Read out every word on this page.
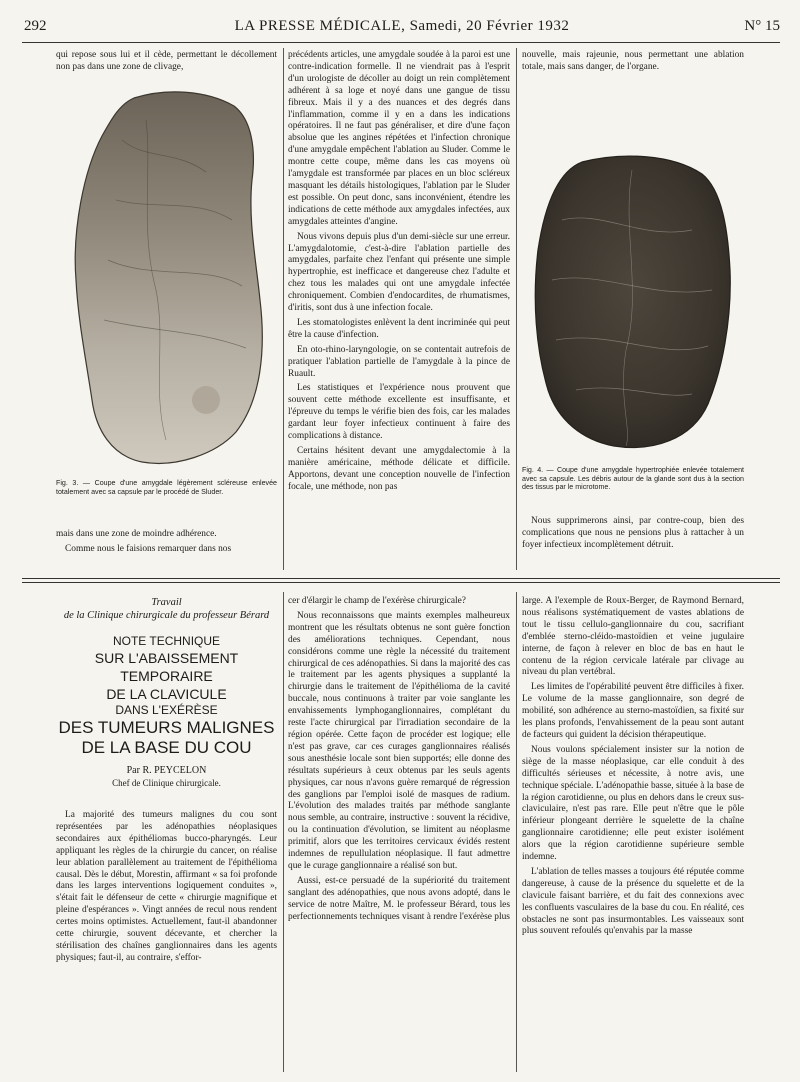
292	LA PRESSE MÉDICALE, Samedi, 20 Février 1932	N° 15

qui repose sous lui et il cède, permettant le décollement non pas dans une zone de clivage,

Fig. 3. — Coupe d'une amygdale légèrement scléreuse enlevée totalement avec sa capsule par le procédé de Sluder.

mais dans une zone de moindre adhérence.

Comme nous le faisions remarquer dans nos

précédents articles, une amygdale soudée à la paroi est une contre-indication formelle. Il ne viendrait pas à l'esprit d'un urologiste de décoller au doigt un rein complètement adhérent à sa loge et noyé dans une gangue de tissu fibreux. Mais il y a des nuances et des degrés dans l'inflammation, comme il y en a dans les indications opératoires. Il ne faut pas généraliser, et dire d'une façon absolue que les angines répétées et l'infection chronique d'une amygdale empêchent l'ablation au Sluder. Comme le montre cette coupe, même dans les cas moyens où l'amygdale est transformée par places en un bloc scléreux masquant les détails histologiques, l'ablation par le Sluder est possible. On peut donc, sans inconvénient, étendre les indications de cette méthode aux amygdales infectées, aux amygdales atteintes d'angine.

Nous vivons depuis plus d'un demi-siècle sur une erreur. L'amygdalotomie, c'est-à-dire l'ablation partielle des amygdales, parfaite chez l'enfant qui présente une simple hypertrophie, est inefficace et dangereuse chez l'adulte et chez tous les malades qui ont une amygdale infectée chroniquement. Combien d'endocardites, de rhumatismes, d'iritis, sont dus à une infection focale.

Les stomatologistes enlèvent la dent incriminée qui peut être la cause d'infection.

En oto-rhino-laryngologie, on se contentait autrefois de pratiquer l'ablation partielle de l'amygdale à la pince de Ruault.

Les statistiques et l'expérience nous prouvent que souvent cette méthode excellente est insuffisante, et l'épreuve du temps le vérifie bien des fois, car les malades gardant leur foyer infectieux continuent à faire des complications à distance.

Certains hésitent devant une amygdalectomie à la manière américaine, méthode délicate et difficile. Apportons, devant une conception nouvelle de l'infection focale, une méthode, non pas

nouvelle, mais rajeunie, nous permettant une ablation totale, mais sans danger, de l'organe.

Fig. 4. — Coupe d'une amygdale hypertrophiée enlevée totalement avec sa capsule. Les débris autour de la glande sont dus à la section des tissus par le microtome.

Nous supprimerons ainsi, par contre-coup, bien des complications que nous ne pensions plus à rattacher à un foyer infectieux incomplètement détruit.

Travail
de la Clinique chirurgicale du professeur Bérard
NOTE TECHNIQUE
SUR L'ABAISSEMENT TEMPORAIRE
DE LA CLAVICULE
DANS L'EXÉRÈSE
DES TUMEURS MALIGNES
DE LA BASE DU COU
Par R. PEYCELON
Chef de Clinique chirurgicale.

La majorité des tumeurs malignes du cou sont représentées par les adénopathies néoplasiques secondaires aux épithéliomas bucco-pharyngés. Leur appliquant les règles de la chirurgie du cancer, on réalise leur ablation parallèlement au traitement de l'épithélioma causal. Dès le début, Morestin, affirmant « sa foi profonde dans les larges interventions logiquement conduites », s'était fait le défenseur de cette « chirurgie magnifique et pleine d'espérances ». Vingt années de recul nous rendent certes moins optimistes. Actuellement, faut-il abandonner cette chirurgie, souvent décevante, et chercher la stérilisation des chaînes ganglionnaires dans les agents physiques; faut-il, au contraire, s'effor-

cer d'élargir le champ de l'exérèse chirurgicale?

Nous reconnaissons que maints exemples malheureux montrent que les résultats obtenus ne sont guère fonction des améliorations techniques. Cependant, nous considérons comme une règle la nécessité du traitement chirurgical de ces adénopathies. Si dans la majorité des cas le traitement par les agents physiques a supplanté la chirurgie dans le traitement de l'épithélioma de la cavité buccale, nous continuons à traiter par voie sanglante les envahissements lymphoganglionnaires, complétant du reste l'acte chirurgical par l'irradiation secondaire de la région opérée. Cette façon de procéder est logique; elle n'est pas grave, car ces curages ganglionnaires réalisés sous anesthésie locale sont bien supportés; elle donne des résultats supérieurs à ceux obtenus par les seuls agents physiques, car nous n'avons guère remarqué de régression des ganglions par l'emploi isolé de masques de radium. L'évolution des malades traités par méthode sanglante nous semble, au contraire, instructive : souvent la récidive, ou la continuation d'évolution, se limitent au néoplasme primitif, alors que les territoires cervicaux évidés restent indemnes de repullulation néoplasique. Il faut admettre que le curage ganglionnaire a réalisé son but.

Aussi, est-ce persuadé de la supériorité du traitement sanglant des adénopathies, que nous avons adopté, dans le service de notre Maître, M. le professeur Bérard, tous les perfectionnements techniques visant à rendre l'exérèse plus

large. A l'exemple de Roux-Berger, de Raymond Bernard, nous réalisons systématiquement de vastes ablations de tout le tissu cellulo-ganglionnaire du cou, sacrifiant d'emblée sterno-cléido-mastoïdien et veine jugulaire interne, de façon à relever en bloc de bas en haut le contenu de la région cervicale latérale par clivage au niveau du plan vertébral.

Les limites de l'opérabilité peuvent être difficiles à fixer. Le volume de la masse ganglionnaire, son degré de mobilité, son adhérence au sterno-mastoïdien, sa fixité sur les plans profonds, l'envahissement de la peau sont autant de facteurs qui guident la décision thérapeutique.

Nous voulons spécialement insister sur la notion de siège de la masse néoplasique, car elle conduit à des difficultés sérieuses et nécessite, à notre avis, une technique spéciale. L'adénopathie basse, située à la base de la région carotidienne, ou plus en dehors dans le creux sus-claviculaire, n'est pas rare. Elle peut n'être que le pôle inférieur plongeant derrière le squelette de la chaîne ganglionnaire carotidienne; elle peut exister isolément alors que la région carotidienne supérieure semble indemne.

L'ablation de telles masses a toujours été réputée comme dangereuse, à cause de la présence du squelette et de la clavicule faisant barrière, et du fait des connexions avec les confluents vasculaires de la base du cou. En réalité, ces obstacles ne sont pas insurmontables. Les vaisseaux sont plus souvent refoulés qu'envahis par la masse
